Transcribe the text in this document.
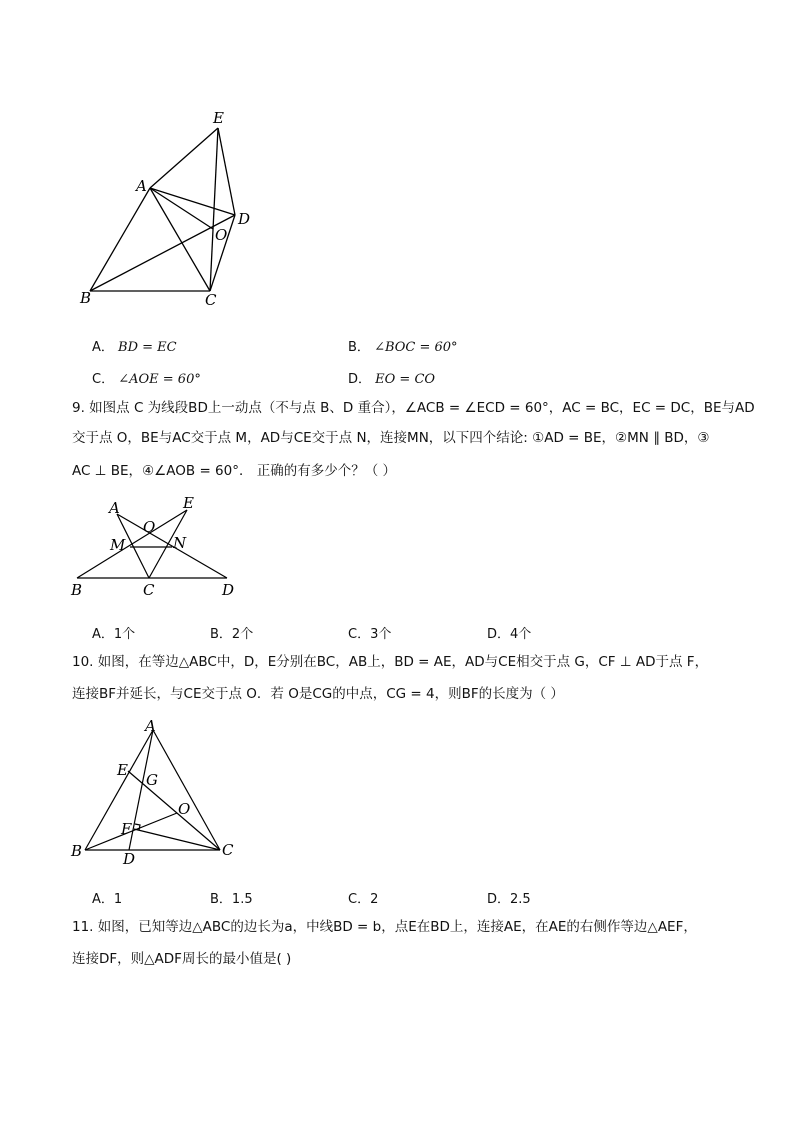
E
A
D
O
B	C
A． BD = EC	B． ∠BOC = 60°
C． ∠AOE = 60°	D． EO = CO
9. 如图点 C 为线段BD上一动点（不与点 B、D 重合），∠ACB = ∠ECD = 60°，AC = BC，EC = DC，BE与AD
交于点 O，BE与AC交于点 M，AD与CE交于点 N，连接MN，以下四个结论: ①AD = BE，②MN ∥ BD，③
AC ⊥ BE，④∠AOB = 60°． 正确的有多少个？（ ）
A
O
E
M	N
B	C	D
A．1个	B．2个	C．3个	D．4个
10. 如图，在等边△ABC中，D，E分别在BC，AB上，BD = AE，AD与CE相交于点 G，CF ⊥ AD于点 F，
连接BF并延长，与CE交于点 O．若 O是CG的中点，CG = 4，则BF的长度为（ ）
A
E
G
O
F
B	C
D
A．1	B．1.5	C．2	D．2.5
11. 如图，已知等边△ABC的边长为a，中线BD = b，点E在BD上，连接AE，在AE的右侧作等边△AEF，
连接DF，则△ADF周长的最小值是( )
